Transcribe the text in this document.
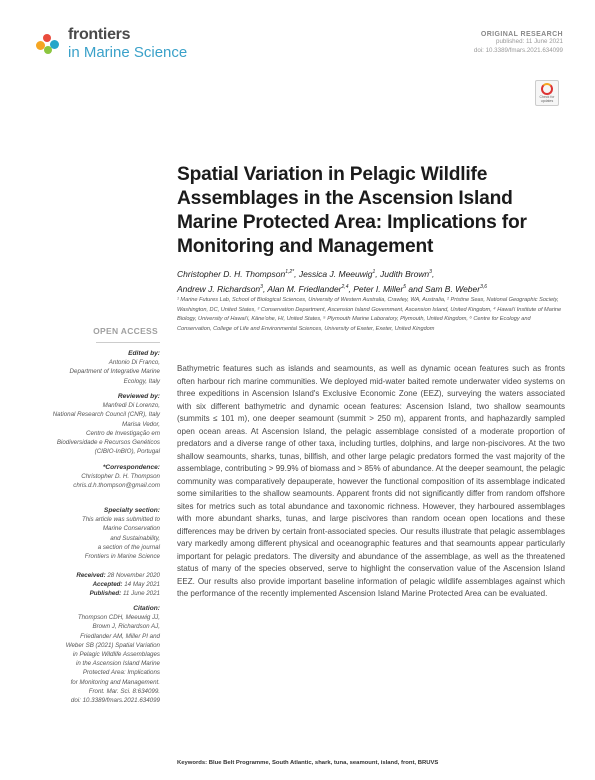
frontiers
in Marine Science
ORIGINAL RESEARCH
published: 11 June 2021
doi: 10.3389/fmars.2021.634099
Check for updates
Spatial Variation in Pelagic Wildlife Assemblages in the Ascension Island Marine Protected Area: Implications for Monitoring and Management
Christopher D. H. Thompson$^{1,2*}$, Jessica J. Meeuwig$^1$, Judith Brown$^3$,
Andrew J. Richardson$^3$, Alan M. Friedlander$^{2,4}$, Peter I. Miller$^5$ and Sam B. Weber$^{3,6}$
¹ Marine Futures Lab, School of Biological Sciences, University of Western Australia, Crawley, WA, Australia, ² Pristine Seas, National Geographic Society, Washington, DC, United States, ³ Conservation Department, Ascension Island Government, Ascension Island, United Kingdom, ⁴ Hawai'i Institute of Marine Biology, University of Hawai'i, Kāne'ohe, HI, United States, ⁵ Plymouth Marine Laboratory, Plymouth, United Kingdom, ⁶ Centre for Ecology and Conservation, College of Life and Environmental Sciences, University of Exeter, Exeter, United Kingdom
OPEN ACCESS
Edited by:
Antonio Di Franco,
Department of Integrative Marine
Ecology, Italy
Reviewed by:
Manfredi Di Lorenzo,
National Research Council (CNR), Italy
Marisa Vedor,
Centro de Investigação em
Biodiversidade e Recursos Genéticos
(CIBIO-InBIO), Portugal
*Correspondence:
Christopher D. H. Thompson
chris.d.h.thompson@gmail.com
Specialty section:
This article was submitted to
Marine Conservation
and Sustainability,
a section of the journal
Frontiers in Marine Science
Received: 28 November 2020
Accepted: 14 May 2021
Published: 11 June 2021
Citation:
Thompson CDH, Meeuwig JJ,
Brown J, Richardson AJ,
Friedlander AM, Miller PI and
Weber SB (2021) Spatial Variation
in Pelagic Wildlife Assemblages
in the Ascension Island Marine
Protected Area: Implications
for Monitoring and Management.
Front. Mar. Sci. 8:634099.
doi: 10.3389/fmars.2021.634099

Bathymetric features such as islands and seamounts, as well as dynamic ocean features such as fronts often harbour rich marine communities. We deployed mid-water baited remote underwater video systems on three expeditions in Ascension Island's Exclusive Economic Zone (EEZ), surveying the waters associated with six different bathymetric and dynamic ocean features: Ascension Island, two shallow seamounts (summits ≤ 101 m), one deeper seamount (summit > 250 m), apparent fronts, and haphazardly sampled open ocean areas. At Ascension Island, the pelagic assemblage consisted of a moderate proportion of predators and a diverse range of other taxa, including turtles, dolphins, and large non-piscivores. At the two shallow seamounts, sharks, tunas, billfish, and other large pelagic predators formed the vast majority of the assemblage, contributing > 99.9% of biomass and > 85% of abundance. At the deeper seamount, the pelagic community was comparatively depauperate, however the functional composition of its assemblage indicated some similarities to the shallow seamounts. Apparent fronts did not significantly differ from random offshore sites for metrics such as total abundance and taxonomic richness. However, they harboured assemblages with more abundant sharks, tunas, and large piscivores than random ocean open locations and these differences may be driven by certain front-associated species. Our results illustrate that pelagic assemblages vary markedly among different physical and oceanographic features and that seamounts appear particularly important for pelagic predators. The diversity and abundance of the assemblage, as well as the threatened status of many of the species observed, serve to highlight the conservation value of the Ascension Island EEZ. Our results also provide important baseline information of pelagic wildlife assemblages against which the performance of the recently implemented Ascension Island Marine Protected Area can be evaluated.

Keywords: Blue Belt Programme, South Atlantic, shark, tuna, seamount, island, front, BRUVS
